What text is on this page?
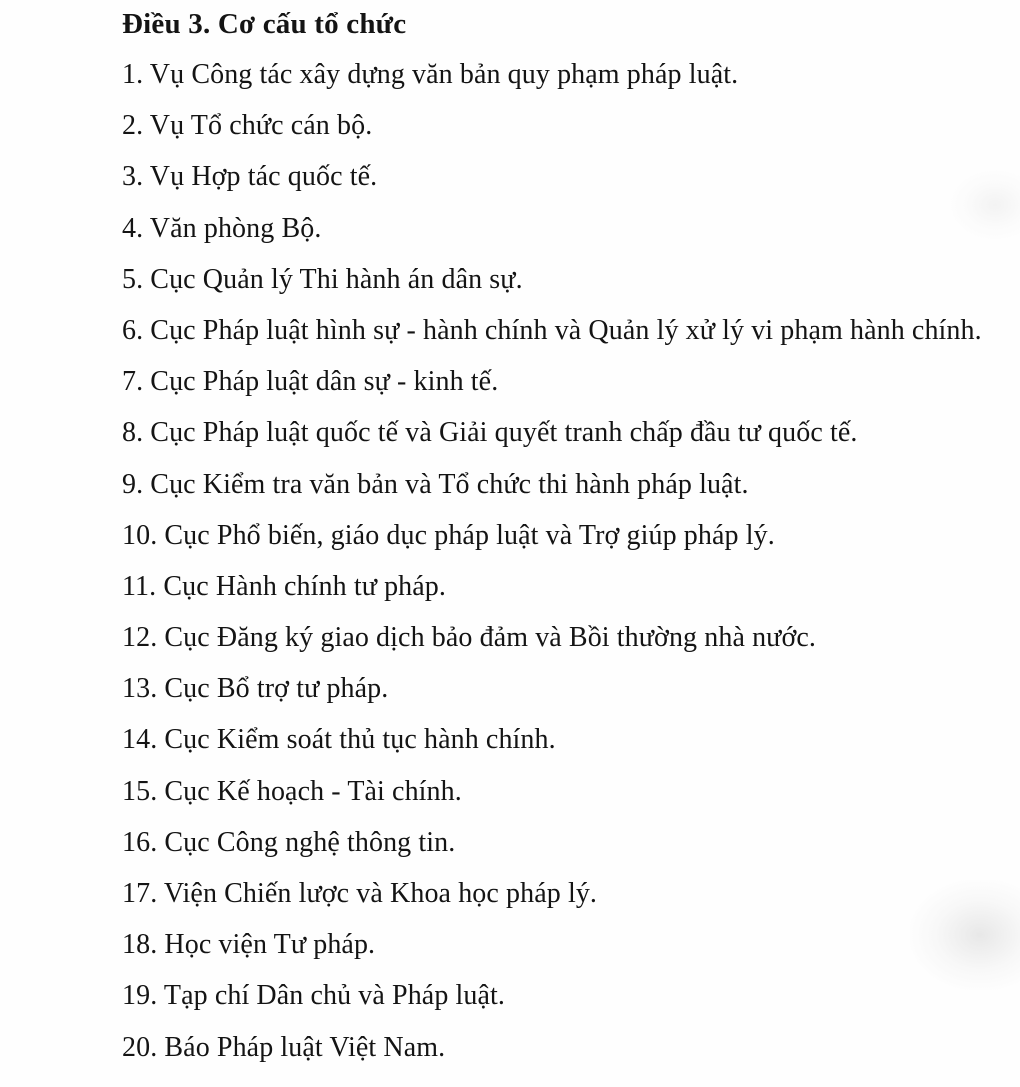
Điều 3. Cơ cấu tổ chức
1. Vụ Công tác xây dựng văn bản quy phạm pháp luật.
2. Vụ Tổ chức cán bộ.
3. Vụ Hợp tác quốc tế.
4. Văn phòng Bộ.
5. Cục Quản lý Thi hành án dân sự.
6. Cục Pháp luật hình sự - hành chính và Quản lý xử lý vi phạm hành chính.
7. Cục Pháp luật dân sự - kinh tế.
8. Cục Pháp luật quốc tế và Giải quyết tranh chấp đầu tư quốc tế.
9. Cục Kiểm tra văn bản và Tổ chức thi hành pháp luật.
10. Cục Phổ biến, giáo dục pháp luật và Trợ giúp pháp lý.
11. Cục Hành chính tư pháp.
12. Cục Đăng ký giao dịch bảo đảm và Bồi thường nhà nước.
13. Cục Bổ trợ tư pháp.
14. Cục Kiểm soát thủ tục hành chính.
15. Cục Kế hoạch - Tài chính.
16. Cục Công nghệ thông tin.
17. Viện Chiến lược và Khoa học pháp lý.
18. Học viện Tư pháp.
19. Tạp chí Dân chủ và Pháp luật.
20. Báo Pháp luật Việt Nam.
